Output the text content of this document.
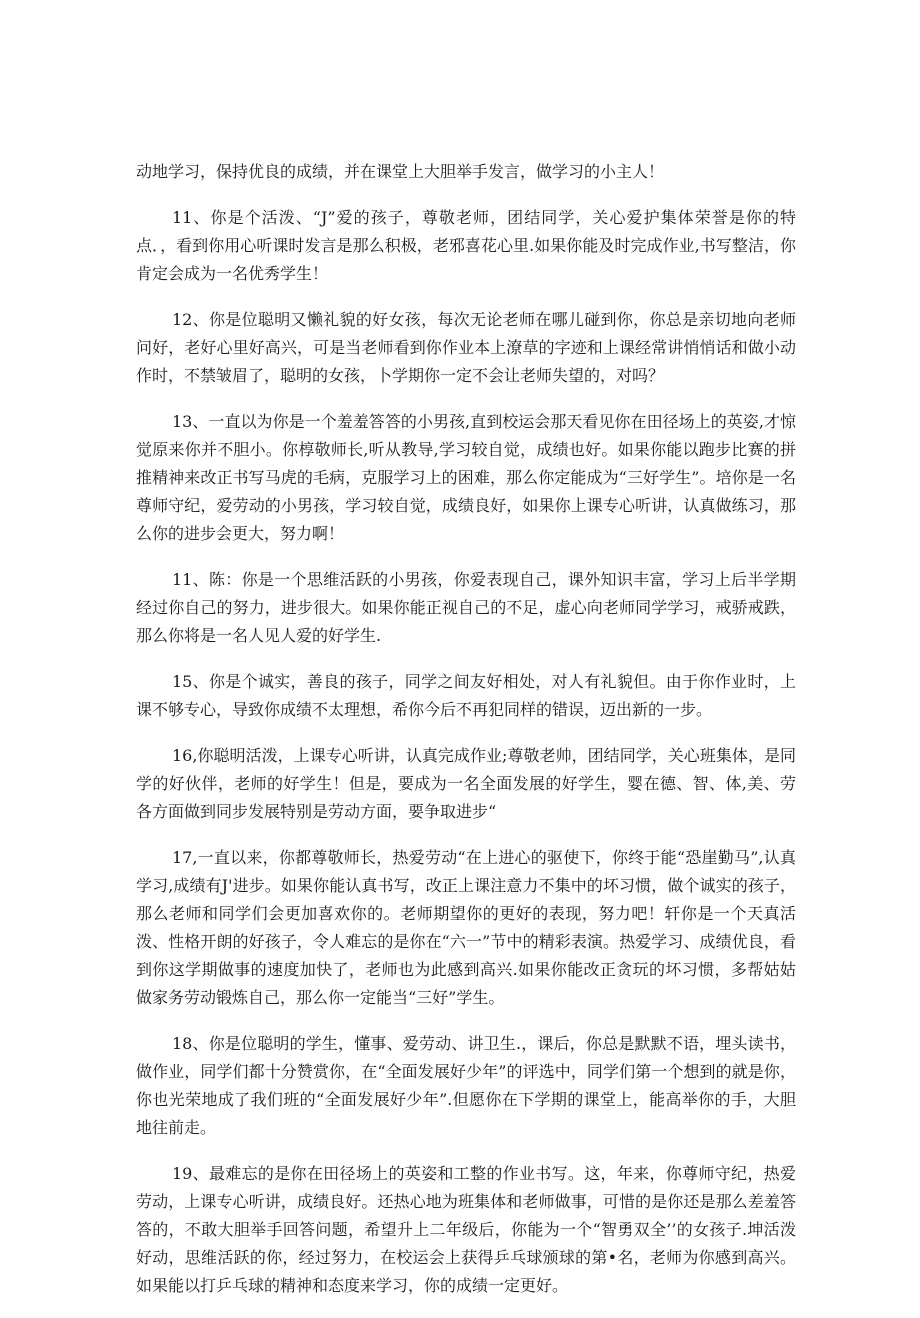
动地学习，保持优良的成绩，并在课堂上大胆举手发言，做学习的小主人！

11、你是个活泼、“J”爱的孩子，尊敬老师，团结同学，关心爱护集体荣誉是你的特点．，看到你用心听课时发言是那么积极，老邪喜花心里.如果你能及时完成作业,书写整洁，你肯定会成为一名优秀学生！

12、你是位聪明又懒礼貌的好女孩，每次无论老师在哪儿碰到你，你总是亲切地向老师问好，老好心里好高兴，可是当老师看到你作业本上潦草的字迹和上课经常讲悄悄话和做小动作时，不禁皱眉了，聪明的女孩，卜学期你一定不会让老师失望的，对吗？

13、一直以为你是一个羞羞答答的小男孩,直到校运会那天看见你在田径场上的英姿,才惊觉原来你并不胆小。你椁敬师长,听从教导,学习较自觉，成绩也好。如果你能以跑步比赛的拼推精神来改正书写马虎的毛病，克服学习上的困难，那么你定能成为“三好学生”。培你是一名尊师守纪，爱劳动的小男孩，学习较自觉，成绩良好，如果你上课专心听讲，认真做练习，那么你的进步会更大，努力啊！

11、陈：你是一个思维活跃的小男孩，你爱表现自己，课外知识丰富，学习上后半学期经过你自己的努力，进步很大。如果你能正视自己的不足，虚心向老师同学学习，戒骄戒跌，那么你将是一名人见人爱的好学生.

15、你是个诚实，善良的孩子，同学之间友好相处，对人有礼貌但。由于你作业时，上课不够专心，导致你成绩不太理想，希你今后不再犯同样的错误，迈出新的一步。

16,你聪明活泼，上课专心听讲，认真完成作业;尊敬老帅，团结同学，关心班集体，是同学的好伙伴，老师的好学生！但是，要成为一名全面发展的好学生，婴在德、智、体,美、劳各方面做到同步发展特别是劳动方面，要争取进步“

17,一直以来，你都尊敬师长，热爱劳动“在上进心的驱使下，你终于能“恐崖勤马”,认真学习,成绩有J'进步。如果你能认真书写，改正上课注意力不集中的坏习惯，做个诚实的孩子，那么老师和同学们会更加喜欢你的。老师期望你的更好的表现，努力吧！轩你是一个天真活泼、性格开朗的好孩子，令人难忘的是你在“六一”节中的精彩表演。热爱学习、成绩优良，看到你这学期做事的速度加快了，老师也为此感到高兴.如果你能改正贪玩的坏习惯，多帮姑姑做家务劳动锻炼自己，那么你一定能当“三好”学生。

18、你是位聪明的学生，懂事、爱劳动、讲卫生.，课后，你总是默默不语，埋头读书，做作业，同学们都十分赞赏你，在“全面发展好少年”的评选中，同学们第一个想到的就是你，你也光荣地成了我们班的“全面发展好少年”.但愿你在下学期的课堂上，能高举你的手，大胆地往前走。

19、最难忘的是你在田径场上的英姿和工整的作业书写。这，年来，你尊师守纪，热爱劳动，上课专心听讲，成绩良好。还热心地为班集体和老师做事，可惜的是你还是那么差羞答答的，不敢大胆举手回答问题，希望升上二年级后，你能为一个“智勇双全’’的女孩子.坤活泼好动，思维活跃的你，经过努力，在校运会上获得乒乓球颁球的第•名，老师为你感到高兴。如果能以打乒乓球的精神和态度来学习，你的成绩一定更好。
